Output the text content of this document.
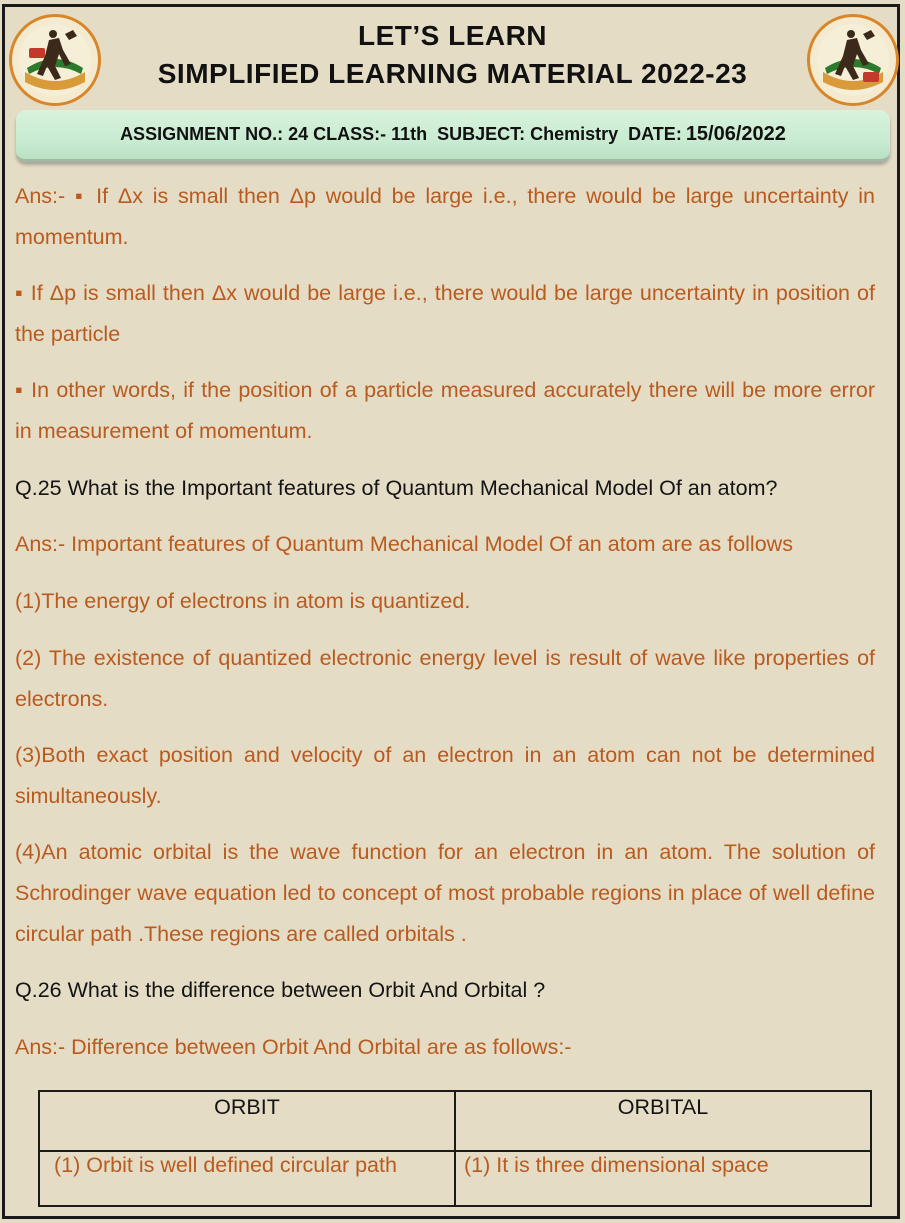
LET’S LEARN
SIMPLIFIED LEARNING MATERIAL 2022-23
ASSIGNMENT NO.: 24 CLASS:- 11th  SUBJECT: Chemistry  DATE: 15/06/2022
Ans:- ▪ If Δx is small then Δp would be large i.e., there would be large uncertainty in momentum.
▪ If Δp is small then Δx would be large i.e., there would be large uncertainty in position of the particle
▪ In other words, if the position of a particle measured accurately there will be more error in measurement of momentum.
Q.25 What is the Important features of Quantum Mechanical Model Of an atom?
Ans:- Important features of Quantum Mechanical Model Of an atom are as follows
(1)The energy of electrons in atom is quantized.
(2) The existence of quantized electronic energy level is result of wave like properties of electrons.
(3)Both exact position and velocity of an electron in an atom can not be determined simultaneously.
(4)An atomic orbital is the wave function for an electron in an atom. The solution of Schrodinger wave equation led to concept of most probable regions in place of well define circular path .These regions are called orbitals .
Q.26 What is the difference between Orbit And Orbital ?
Ans:- Difference between Orbit And Orbital are as follows:-
ORBIT	ORBITAL
(1) Orbit is well defined circular path	(1) It is three dimensional space
